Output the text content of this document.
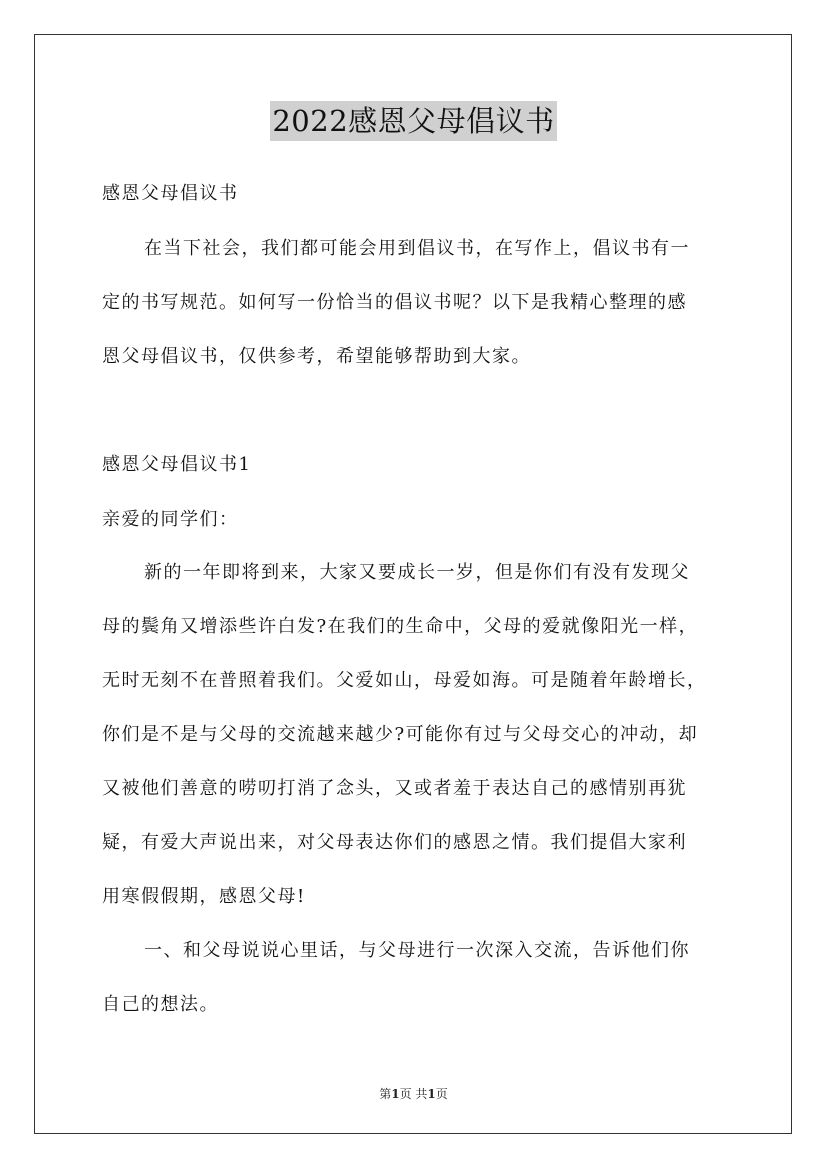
2022感恩父母倡议书

感恩父母倡议书

在当下社会，我们都可能会用到倡议书，在写作上，倡议书有一
定的书写规范。如何写一份恰当的倡议书呢？以下是我精心整理的感
恩父母倡议书，仅供参考，希望能够帮助到大家。

感恩父母倡议书1

亲爱的同学们：

新的一年即将到来，大家又要成长一岁，但是你们有没有发现父
母的鬓角又增添些许白发?在我们的生命中，父母的爱就像阳光一样，
无时无刻不在普照着我们。父爱如山，母爱如海。可是随着年龄增长，
你们是不是与父母的交流越来越少?可能你有过与父母交心的冲动，却
又被他们善意的唠叨打消了念头，又或者羞于表达自己的感情别再犹
疑，有爱大声说出来，对父母表达你们的感恩之情。我们提倡大家利
用寒假假期，感恩父母!
一、和父母说说心里话，与父母进行一次深入交流，告诉他们你
自己的想法。
第1页 共1页
